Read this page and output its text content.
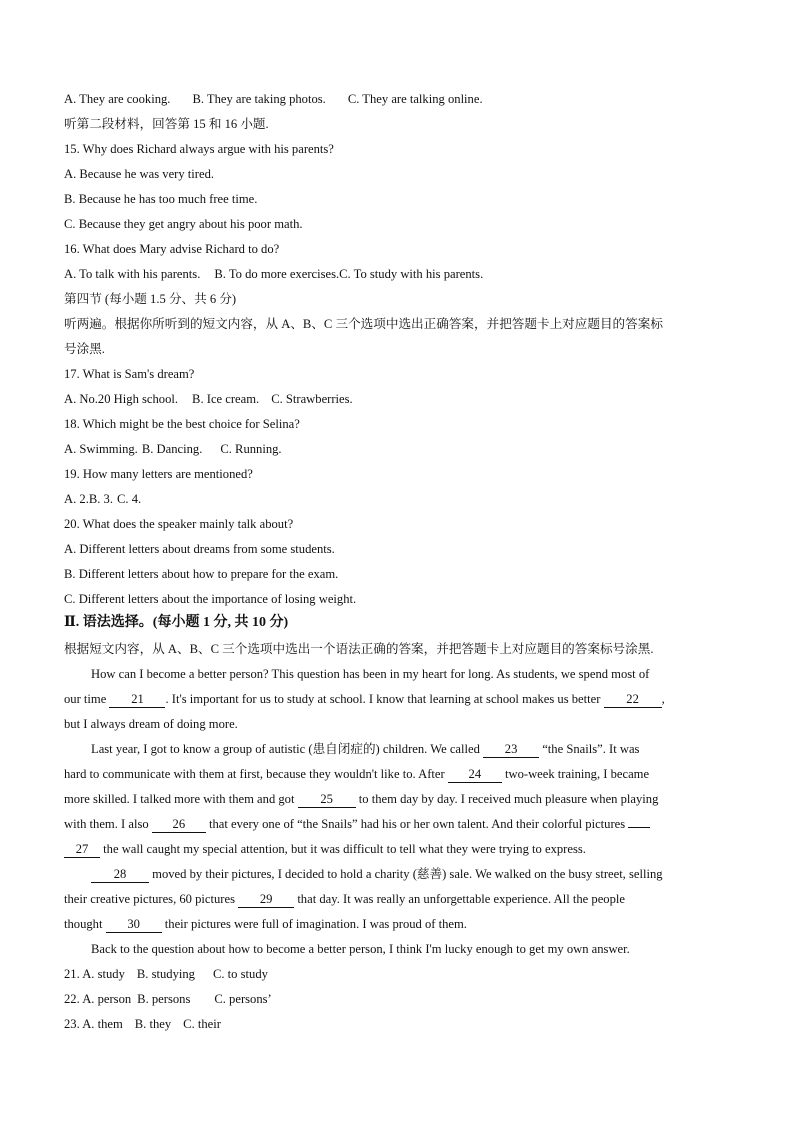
A. They are cooking. B. They are taking photos. C. They are talking online.
听第二段材料，回答第 15 和 16 小题.
15. Why does Richard always argue with his parents?
A. Because he was very tired.
B. Because he has too much free time.
C. Because they get angry about his poor math.
16. What does Mary advise Richard to do?
A. To talk with his parents. B. To do more exercises.C. To study with his parents.
第四节 (每小题 1.5 分、共 6 分)
听两遍。根据你所听到的短文内容，从 A、B、C 三个选项中选出正确答案，并把答题卡上对应题目的答案标
号涂黑.
17. What is Sam's dream?
A. No.20 High school. B. Ice cream. C. Strawberries.
18. Which might be the best choice for Selina?
A. Swimming. B. Dancing. C. Running.
19. How many letters are mentioned?
A. 2.B. 3. C. 4.
20. What does the speaker mainly talk about?
A. Different letters about dreams from some students.
B. Different letters about how to prepare for the exam.
C. Different letters about the importance of losing weight.
Ⅱ. 语法选择。(每小题 1 分, 共 10 分)
根据短文内容，从 A、B、C 三个选项中选出一个语法正确的答案，并把答题卡上对应题目的答案标号涂黑.
How can I become a better person? This question has been in my heart for long. As students, we spend most of
our time 21 . It's important for us to study at school. I know that learning at school makes us better 22 ,
but I always dream of doing more.
Last year, I got to know a group of autistic (患自闭症的) children. We called 23 “the Snails”. It was
hard to communicate with them at first, because they wouldn't like to. After 24 two-week training, I became
more skilled. I talked more with them and got 25 to them day by day. I received much pleasure when playing
with them. I also 26 that every one of “the Snails” had his or her own talent. And their colorful pictures
27 the wall caught my special attention, but it was difficult to tell what they were trying to express.
28 moved by their pictures, I decided to hold a charity (慈善) sale. We walked on the busy street, selling
their creative pictures, 60 pictures 29 that day. It was really an unforgettable experience. All the people
thought 30 their pictures were full of imagination. I was proud of them.
Back to the question about how to become a better person, I think I'm lucky enough to get my own answer.
21. A. study B. studying C. to study
22. A. person B. persons C. persons’
23. A. them B. they C. their
